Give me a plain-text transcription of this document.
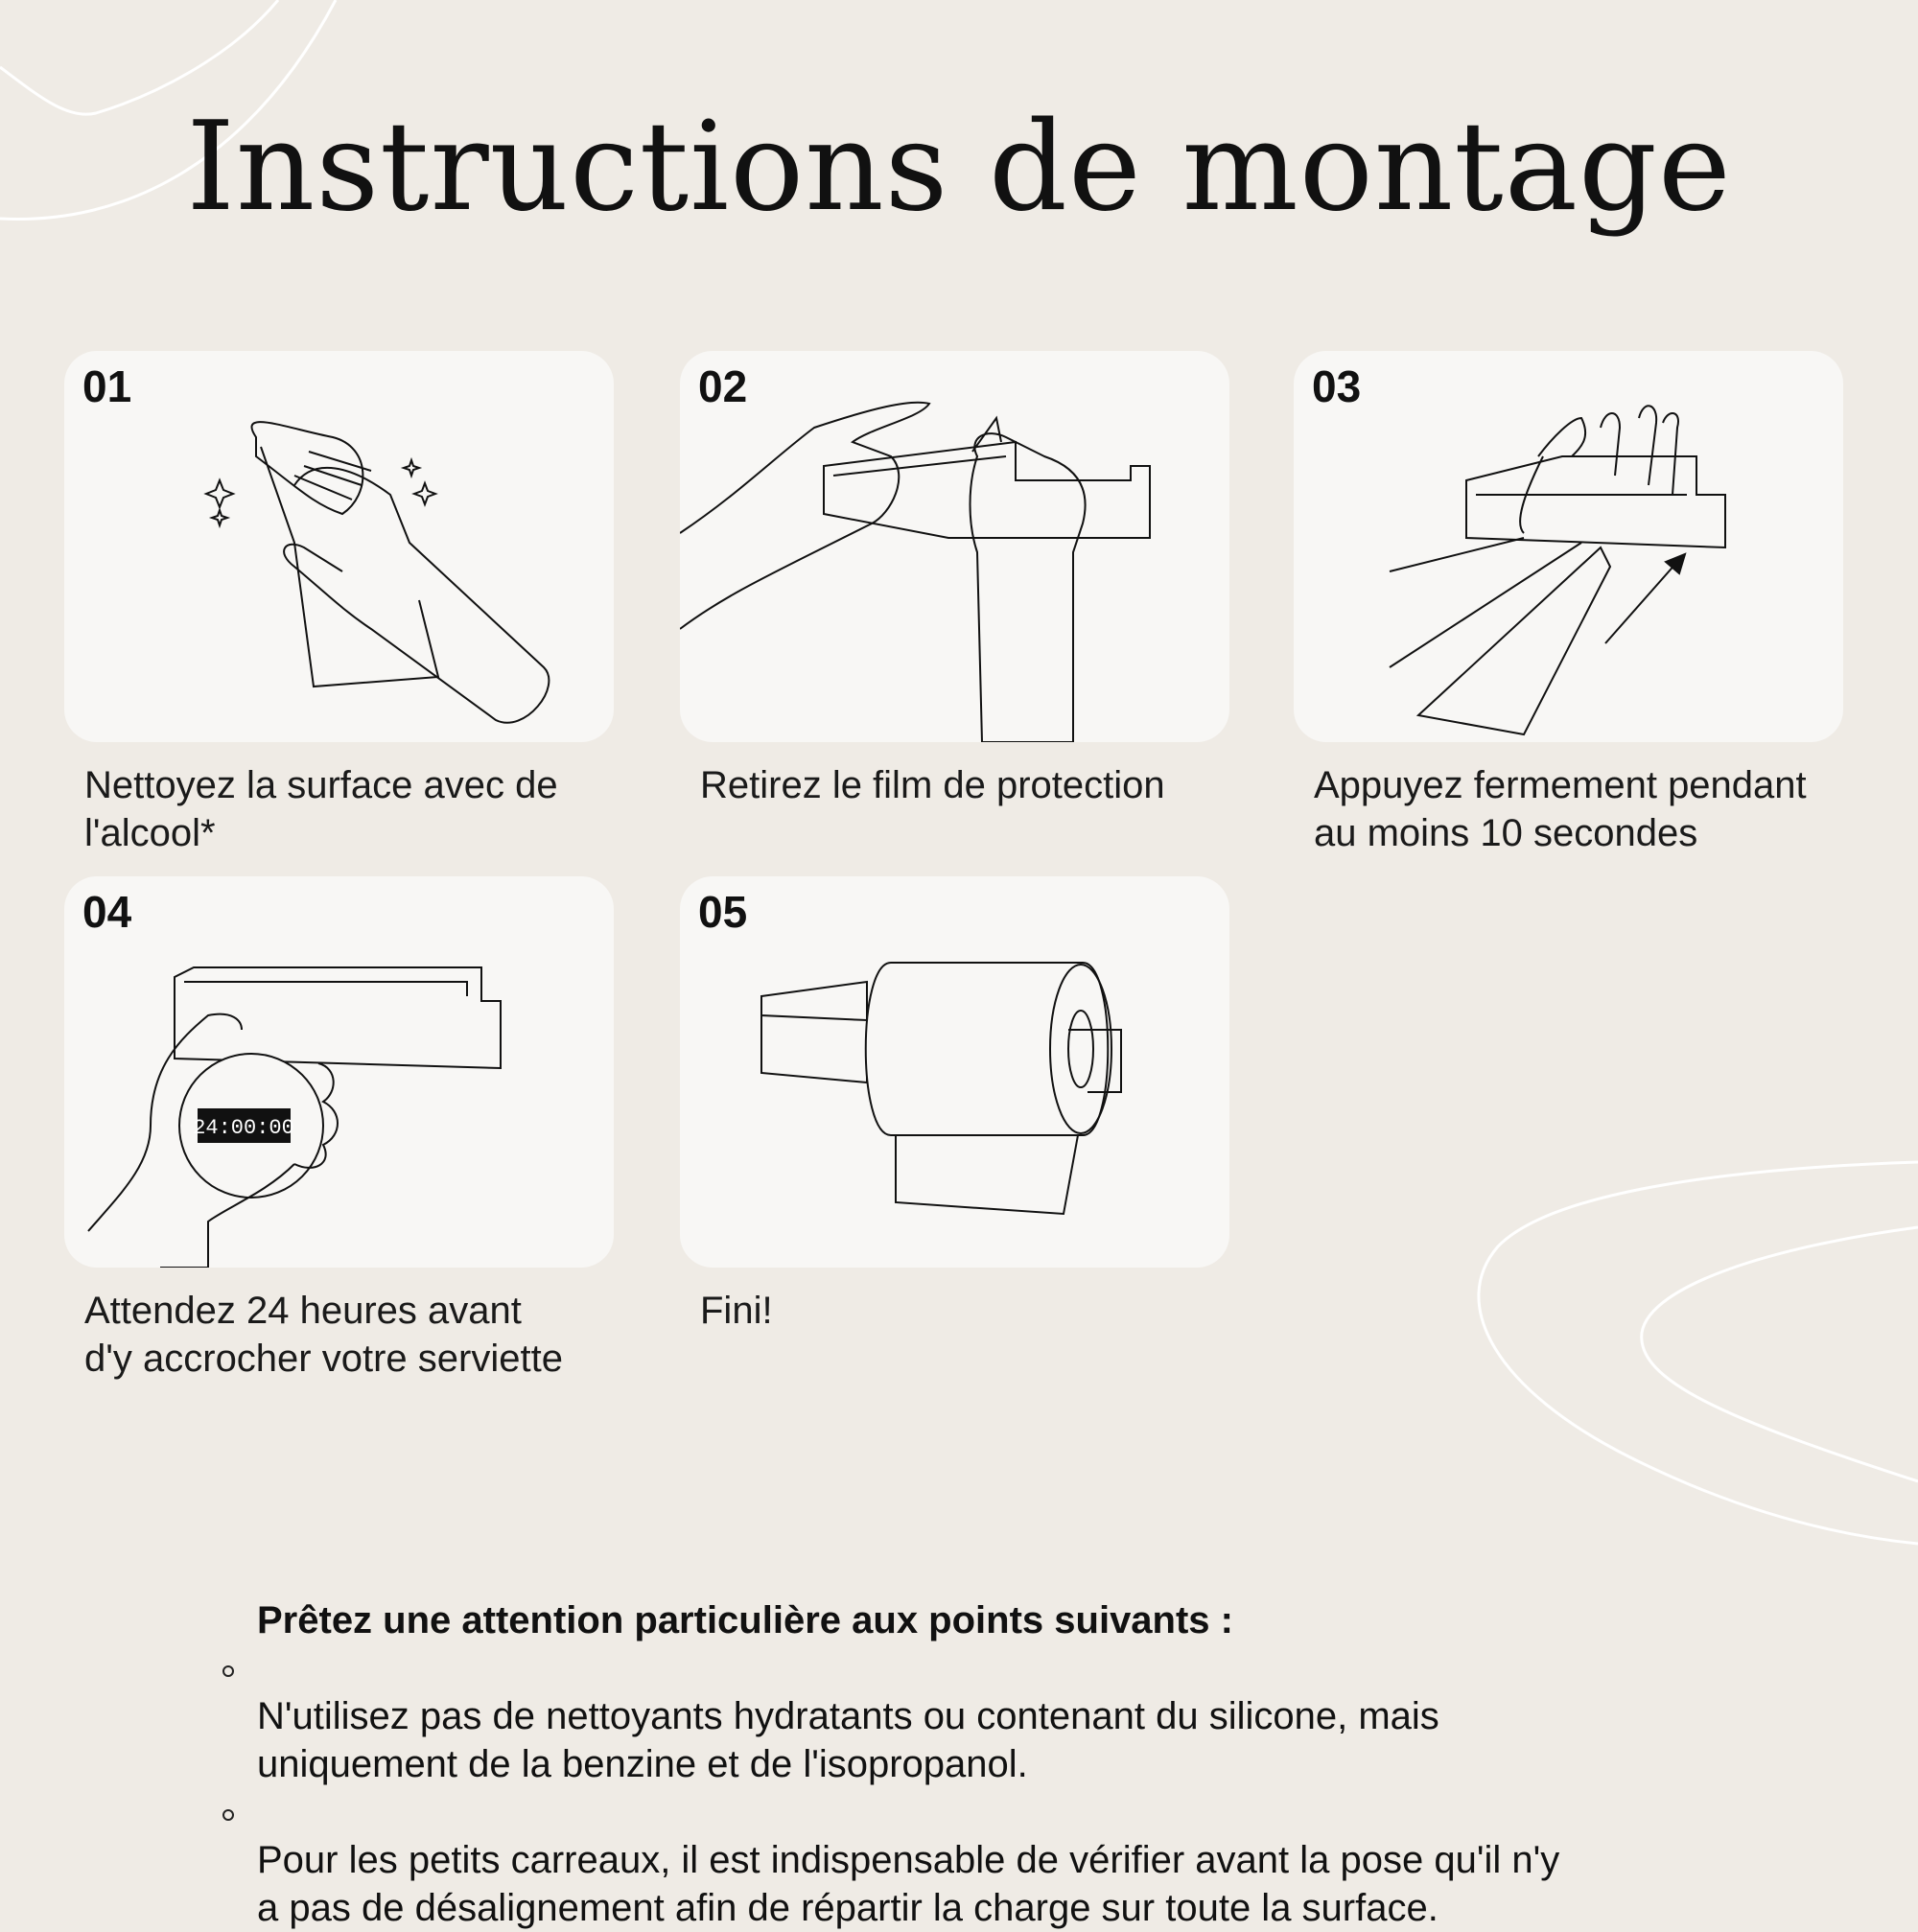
Instructions de montage
01
Nettoyez la surface avec de
l'alcool*
02
Retirez le film de protection
03
Appuyez fermement pendant
au moins 10 secondes
24:00:00
04
Attendez 24 heures avant
d'y accrocher votre serviette
05
Fini!
Prêtez une attention particulière aux points suivants :

N'utilisez pas de nettoyants hydratants ou contenant du silicone, mais
uniquement de la benzine et de l'isopropanol.

Pour les petits carreaux, il est indispensable de vérifier avant la pose qu'il n'y
a pas de désalignement afin de répartir la charge sur toute la surface.
